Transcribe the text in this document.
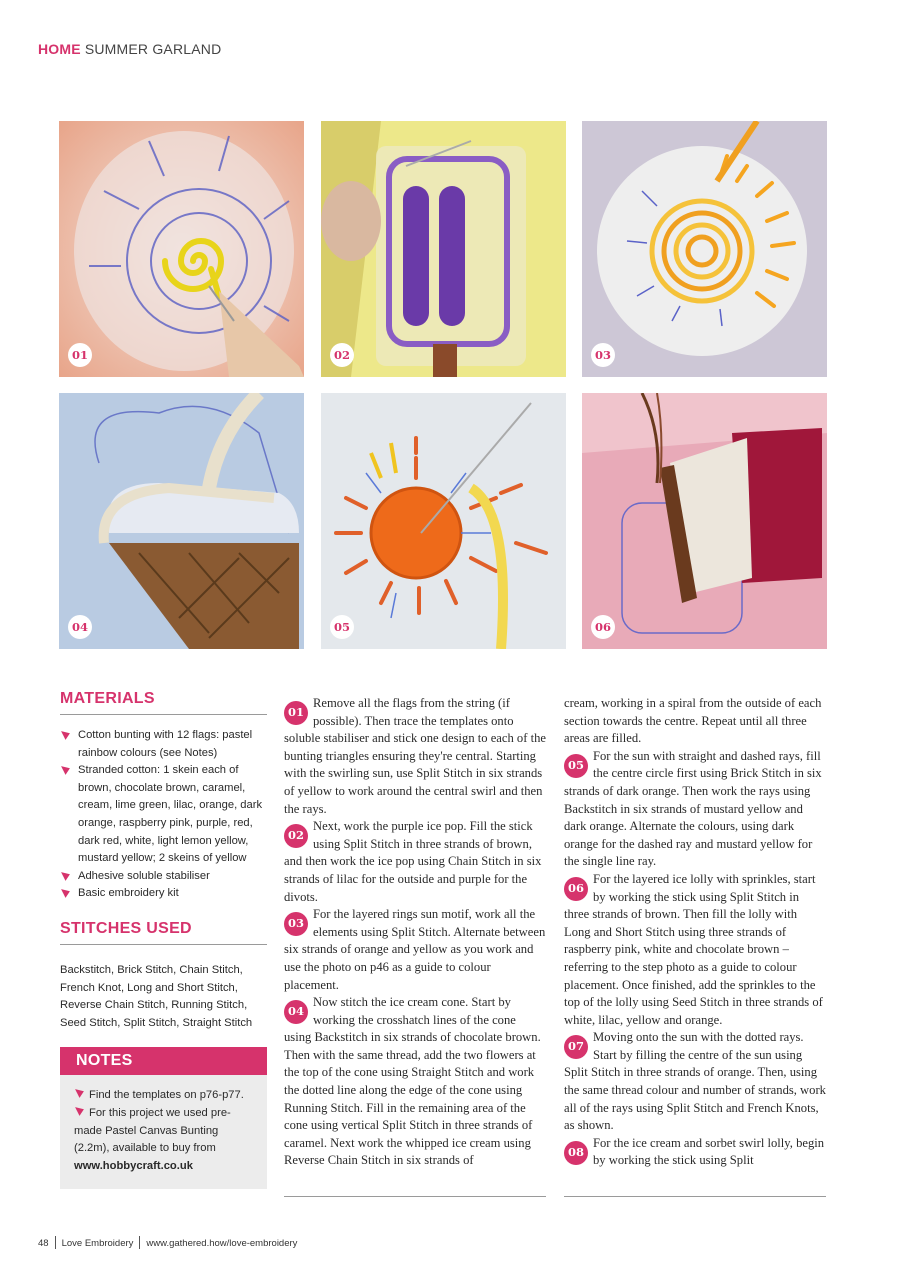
HOME SUMMER GARLAND
01	02	03
04	05	06
MATERIALS
Cotton bunting with 12 flags: pastel rainbow colours (see Notes)
Stranded cotton: 1 skein each of brown, chocolate brown, caramel, cream, lime green, lilac, orange, dark orange, raspberry pink, purple, red, dark red, white, light lemon yellow, mustard yellow; 2 skeins of yellow
Adhesive soluble stabiliser
Basic embroidery kit
STITCHES USED
Backstitch, Brick Stitch, Chain Stitch, French Knot, Long and Short Stitch, Reverse Chain Stitch, Running Stitch, Seed Stitch, Split Stitch, Straight Stitch
NOTES
Find the templates on p76-p77.
For this project we used pre-made Pastel Canvas Bunting (2.2m), available to buy from
www.hobbycraft.co.uk

01
Remove all the flags from the string (if possible). Then trace the templates onto soluble stabiliser and stick one design to each of the bunting triangles ensuring they're central. Starting with the swirling sun, use Split Stitch in six strands of yellow to work around the central swirl and then the rays.

02
Next, work the purple ice pop. Fill the stick using Split Stitch in three strands of brown, and then work the ice pop using Chain Stitch in six strands of lilac for the outside and purple for the divots.

03
For the layered rings sun motif, work all the elements using Split Stitch. Alternate between six strands of orange and yellow as you work and use the photo on p46 as a guide to colour placement.

04
Now stitch the ice cream cone. Start by working the crosshatch lines of the cone using Backstitch in six strands of chocolate brown. Then with the same thread, add the two flowers at the top of the cone using Straight Stitch and work the dotted line along the edge of the cone using Running Stitch. Fill in the remaining area of the cone using vertical Split Stitch in three strands of caramel. Next work the whipped ice cream using Reverse Chain Stitch in six strands of

cream, working in a spiral from the outside of each section towards the centre. Repeat until all three areas are filled.

05
For the sun with straight and dashed rays, fill the centre circle first using Brick Stitch in six strands of dark orange. Then work the rays using Backstitch in six strands of mustard yellow and dark orange. Alternate the colours, using dark orange for the dashed ray and mustard yellow for the single line ray.

06
For the layered ice lolly with sprinkles, start by working the stick using Split Stitch in three strands of brown. Then fill the lolly with Long and Short Stitch using three strands of raspberry pink, white and chocolate brown – referring to the step photo as a guide to colour placement. Once finished, add the sprinkles to the top of the lolly using Seed Stitch in three strands of white, lilac, yellow and orange.

07
Moving onto the sun with the dotted rays. Start by filling the centre of the sun using Split Stitch in three strands of orange. Then, using the same thread colour and number of strands, work all of the rays using Split Stitch and French Knots, as shown.

08
For the ice cream and sorbet swirl lolly, begin by working the stick using Split

48 Love Embroidery www.gathered.how/love-embroidery
